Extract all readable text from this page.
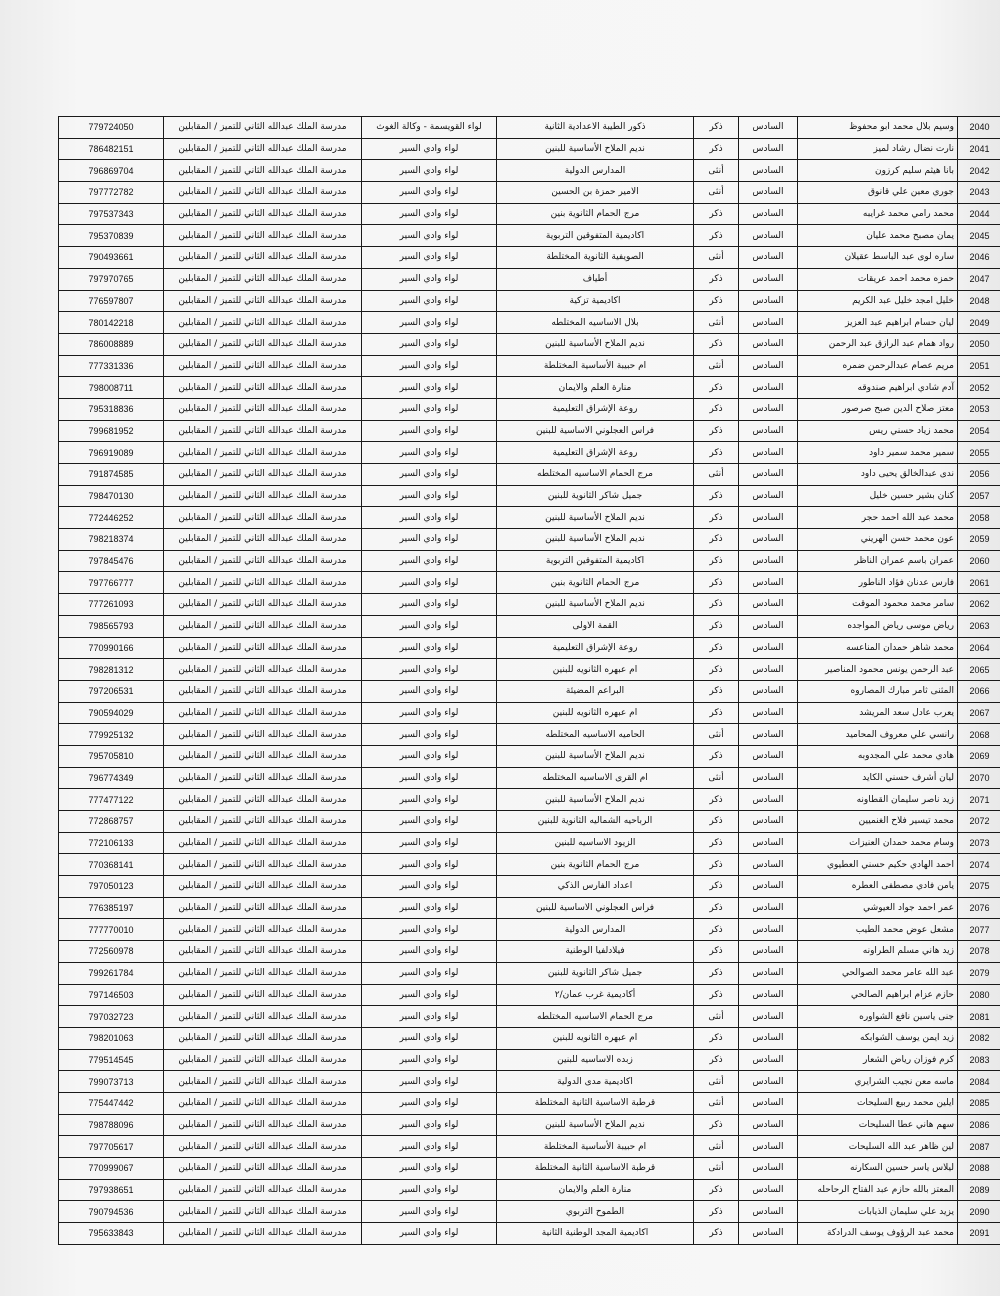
779724050	مدرسة الملك عبدالله الثاني للتميز / المقابلين	لواء القويسمة - وكالة الغوث	ذكور الطيبة الاعدادية الثانية	ذكر	السادس	وسيم بلال محمد ابو محفوظ	2040
786482151	مدرسة الملك عبدالله الثاني للتميز / المقابلين	لواء وادي السير	نديم الملاح الأساسية للبنين	ذكر	السادس	نارت نضال رشاد لميز	2041
796869704	مدرسة الملك عبدالله الثاني للتميز / المقابلين	لواء وادي السير	المدارس الدولية	أنثى	السادس	بانا هيثم سليم كرزون	2042
797772782	مدرسة الملك عبدالله الثاني للتميز / المقابلين	لواء وادي السير	الامير حمزة بن الحسين	أنثى	السادس	جوري معين علي قانوق	2043
797537343	مدرسة الملك عبدالله الثاني للتميز / المقابلين	لواء وادي السير	مرج الحمام الثانوية بنين	ذكر	السادس	محمد رامي محمد غرايبه	2044
795370839	مدرسة الملك عبدالله الثاني للتميز / المقابلين	لواء وادي السير	اكاديمية المتفوقين التربوية	ذكر	السادس	يمان مصبح محمد عليان	2045
790493661	مدرسة الملك عبدالله الثاني للتميز / المقابلين	لواء وادي السير	الصويفية الثانوية المختلطة	أنثى	السادس	ساره لوى عبد الباسط عقيلان	2046
797970765	مدرسة الملك عبدالله الثاني للتميز / المقابلين	لواء وادي السير	أطياف	ذكر	السادس	حمزه محمد احمد عريقات	2047
776597807	مدرسة الملك عبدالله الثاني للتميز / المقابلين	لواء وادي السير	اكاديمية تزكية	ذكر	السادس	خليل امجد خليل عبد الكريم	2048
780142218	مدرسة الملك عبدالله الثاني للتميز / المقابلين	لواء وادي السير	بلال الاساسيه المختلطه	أنثى	السادس	ليان حسام ابراهيم عبد العزيز	2049
786008889	مدرسة الملك عبدالله الثاني للتميز / المقابلين	لواء وادي السير	نديم الملاح الأساسية للبنين	ذكر	السادس	رواد همام عبد الرازق عبد الرحمن	2050
777331336	مدرسة الملك عبدالله الثاني للتميز / المقابلين	لواء وادي السير	ام حبيبة الأساسية المختلطة	أنثى	السادس	مريم عصام عبدالرحمن ضمره	2051
798008711	مدرسة الملك عبدالله الثاني للتميز / المقابلين	لواء وادي السير	منارة العلم والايمان	ذكر	السادس	آدم شادي ابراهيم صندوقه	2052
795318836	مدرسة الملك عبدالله الثاني للتميز / المقابلين	لواء وادي السير	روعة الإشراق التعليمية	ذكر	السادس	معتز صلاح الدين صبح صرصور	2053
799681952	مدرسة الملك عبدالله الثاني للتميز / المقابلين	لواء وادي السير	فراس العجلوني الاساسية للبنين	ذكر	السادس	محمد زياد حسني ريس	2054
796919089	مدرسة الملك عبدالله الثاني للتميز / المقابلين	لواء وادي السير	روعة الإشراق التعليمية	ذكر	السادس	سمير محمد سمير داود	2055
791874585	مدرسة الملك عبدالله الثاني للتميز / المقابلين	لواء وادي السير	مرج الحمام الاساسيه المختلطه	أنثى	السادس	ندى عبدالخالق يحيى داود	2056
798470130	مدرسة الملك عبدالله الثاني للتميز / المقابلين	لواء وادي السير	جميل شاكر الثانوية للبنين	ذكر	السادس	كنان بشير حسين خليل	2057
772446252	مدرسة الملك عبدالله الثاني للتميز / المقابلين	لواء وادي السير	نديم الملاح الأساسية للبنين	ذكر	السادس	محمد عبد الله احمد حجر	2058
798218374	مدرسة الملك عبدالله الثاني للتميز / المقابلين	لواء وادي السير	نديم الملاح الأساسية للبنين	ذكر	السادس	عون محمد حسن الهريني	2059
797845476	مدرسة الملك عبدالله الثاني للتميز / المقابلين	لواء وادي السير	اكاديمية المتفوقين التربوية	ذكر	السادس	عمران باسم عمران الناظر	2060
797766777	مدرسة الملك عبدالله الثاني للتميز / المقابلين	لواء وادي السير	مرج الحمام الثانوية بنين	ذكر	السادس	فارس عدنان فؤاد الناطور	2061
777261093	مدرسة الملك عبدالله الثاني للتميز / المقابلين	لواء وادي السير	نديم الملاح الأساسية للبنين	ذكر	السادس	سامر محمد محمود الموقت	2062
798565793	مدرسة الملك عبدالله الثاني للتميز / المقابلين	لواء وادي السير	القمة الاولى	ذكر	السادس	رياض موسى رياض المواجده	2063
770990166	مدرسة الملك عبدالله الثاني للتميز / المقابلين	لواء وادي السير	روعة الإشراق التعليمية	ذكر	السادس	محمد شاهر حمدان المناعسه	2064
798281312	مدرسة الملك عبدالله الثاني للتميز / المقابلين	لواء وادي السير	ام عبهره الثانويه للبنين	ذكر	السادس	عبد الرحمن يونس محمود المناصير	2065
797206531	مدرسة الملك عبدالله الثاني للتميز / المقابلين	لواء وادي السير	البراعم المضيئة	ذكر	السادس	المثنى ثامر مبارك المصاروه	2066
790594029	مدرسة الملك عبدالله الثاني للتميز / المقابلين	لواء وادي السير	ام عبهره الثانويه للبنين	ذكر	السادس	يعرب عادل سعد المريشد	2067
779925132	مدرسة الملك عبدالله الثاني للتميز / المقابلين	لواء وادي السير	الحاميه الاساسيه المختلطه	أنثى	السادس	رانسي علي معروف المحاميد	2068
795705810	مدرسة الملك عبدالله الثاني للتميز / المقابلين	لواء وادي السير	نديم الملاح الأساسية للبنين	ذكر	السادس	هادي محمد علي المجدوبه	2069
796774349	مدرسة الملك عبدالله الثاني للتميز / المقابلين	لواء وادي السير	ام القرى الاساسيه المختلطه	أنثى	السادس	ليان أشرف حسني الكايد	2070
777477122	مدرسة الملك عبدالله الثاني للتميز / المقابلين	لواء وادي السير	نديم الملاح الأساسية للبنين	ذكر	السادس	زيد ناصر سليمان القطاونه	2071
772868757	مدرسة الملك عبدالله الثاني للتميز / المقابلين	لواء وادي السير	الرباحيه الشماليه الثانوية للبنين	ذكر	السادس	محمد تيسير فلاح الغنميين	2072
772106133	مدرسة الملك عبدالله الثاني للتميز / المقابلين	لواء وادي السير	الزيود الاساسيه للبنين	ذكر	السادس	وسام محمد حمدان العنيزات	2073
770368141	مدرسة الملك عبدالله الثاني للتميز / المقابلين	لواء وادي السير	مرج الحمام الثانوية بنين	ذكر	السادس	احمد الهادي حكيم حسني العطيوي	2074
797050123	مدرسة الملك عبدالله الثاني للتميز / المقابلين	لواء وادي السير	اعداد الفارس الذكي	ذكر	السادس	يامن فادي مصطفى العطره	2075
776385197	مدرسة الملك عبدالله الثاني للتميز / المقابلين	لواء وادي السير	فراس العجلوني الاساسية للبنين	ذكر	السادس	عمر احمد جواد العيوشي	2076
777770010	مدرسة الملك عبدالله الثاني للتميز / المقابلين	لواء وادي السير	المدارس الدولية	ذكر	السادس	مشعل عوض محمد الطيب	2077
772560978	مدرسة الملك عبدالله الثاني للتميز / المقابلين	لواء وادي السير	فيلادلفيا الوطنية	ذكر	السادس	زيد هاني مسلم الطراونه	2078
799261784	مدرسة الملك عبدالله الثاني للتميز / المقابلين	لواء وادي السير	جميل شاكر الثانوية للبنين	ذكر	السادس	عبد الله عامر محمد الصوالحي	2079
797146503	مدرسة الملك عبدالله الثاني للتميز / المقابلين	لواء وادي السير	أكاديمية غرب عمان/٢	ذكر	السادس	حازم عزام ابراهيم الصالحي	2080
797032723	مدرسة الملك عبدالله الثاني للتميز / المقابلين	لواء وادي السير	مرج الحمام الاساسيه المختلطه	أنثى	السادس	جنى ياسين نافع الشواوره	2081
798201063	مدرسة الملك عبدالله الثاني للتميز / المقابلين	لواء وادي السير	ام عبهره الثانويه للبنين	ذكر	السادس	زيد ايمن يوسف الشوابكه	2082
779514545	مدرسة الملك عبدالله الثاني للتميز / المقابلين	لواء وادي السير	زبده الاساسيه للبنين	ذكر	السادس	كرم فوزان رياض الشعار	2083
799073713	مدرسة الملك عبدالله الثاني للتميز / المقابلين	لواء وادي السير	اكاديمية مدى الدولية	أنثى	السادس	ماسه معن نجيب الشرايري	2084
775447442	مدرسة الملك عبدالله الثاني للتميز / المقابلين	لواء وادي السير	قرطبة الاساسية الثانية المختلطة	أنثى	السادس	ايلين محمد ربيع السليحات	2085
798788096	مدرسة الملك عبدالله الثاني للتميز / المقابلين	لواء وادي السير	نديم الملاح الأساسية للبنين	ذكر	السادس	سهم هاني عطا السليحات	2086
797705617	مدرسة الملك عبدالله الثاني للتميز / المقابلين	لواء وادي السير	ام حبيبة الأساسية المختلطة	أنثى	السادس	لين ظاهر عبد الله السليحات	2087
770999067	مدرسة الملك عبدالله الثاني للتميز / المقابلين	لواء وادي السير	قرطبة الاساسية الثانية المختلطة	أنثى	السادس	ليلاس ياسر حسين السكارنه	2088
797938651	مدرسة الملك عبدالله الثاني للتميز / المقابلين	لواء وادي السير	منارة العلم والايمان	ذكر	السادس	المعتز بالله حازم عبد الفتاح الرحاحله	2089
790794536	مدرسة الملك عبدالله الثاني للتميز / المقابلين	لواء وادي السير	الطموح التربوي	ذكر	السادس	يزيد علي سليمان الذيابات	2090
795633843	مدرسة الملك عبدالله الثاني للتميز / المقابلين	لواء وادي السير	اكاديمية المجد الوطنية الثانية	ذكر	السادس	محمد عبد الرؤوف يوسف الدرادكة	2091
